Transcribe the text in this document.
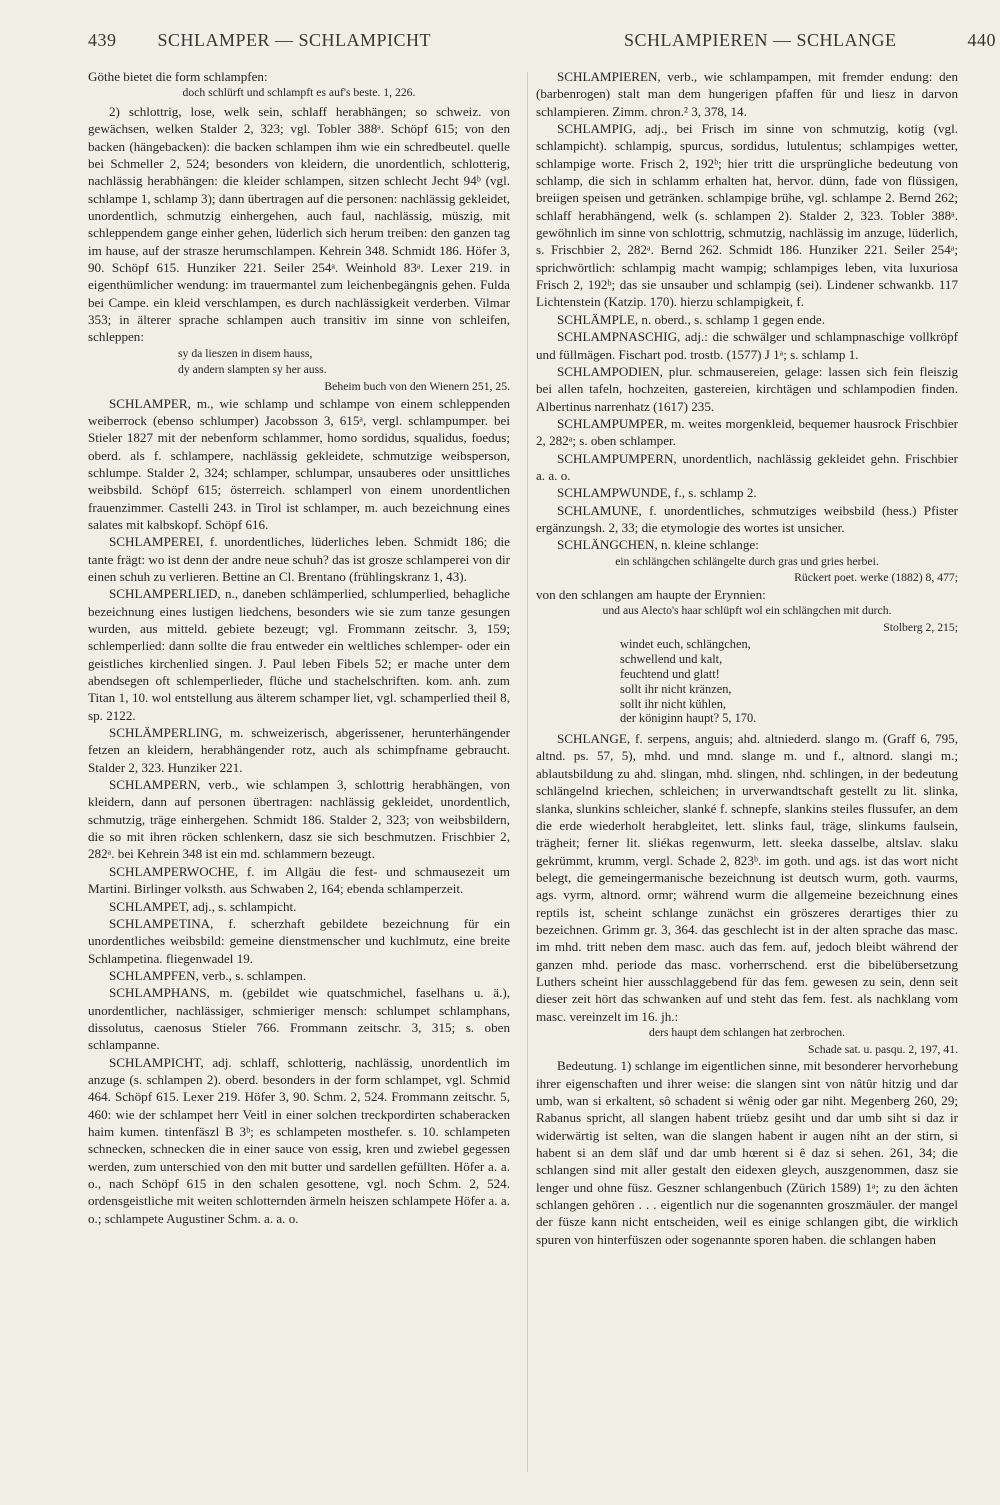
439 SCHLAMPER — SCHLAMPICHT	SCHLAMPIEREN — SCHLANGE	440

Göthe bietet die form schlampfen:

doch schlürft und schlampft es auf's beste. 1, 226.

2) schlottrig, lose, welk sein, schlaff herabhängen; so schweiz. von gewächsen, welken Stalder 2, 323; vgl. Tobler 388ᵃ. Schöpf 615; von den backen (hängebacken): die backen schlampen ihm wie ein schredbeutel. quelle bei Schmeller 2, 524; besonders von kleidern, die unordentlich, schlotterig, nachlässig herabhängen: die kleider schlampen, sitzen schlecht Jecht 94ᵇ (vgl. schlampe 1, schlamp 3); dann übertragen auf die personen: nachlässig gekleidet, unordentlich, schmutzig einhergehen, auch faul, nachlässig, müszig, mit schleppendem gange einher gehen, lüderlich sich herum treiben: den ganzen tag im hause, auf der strasze herumschlampen. Kehrein 348. Schmidt 186. Höfer 3, 90. Schöpf 615. Hunziker 221. Seiler 254ᵃ. Weinhold 83ᵃ. Lexer 219. in eigenthümlicher wendung: im trauermantel zum leichenbegängnis gehen. Fulda bei Campe. ein kleid verschlampen, es durch nachlässigkeit verderben. Vilmar 353; in älterer sprache schlampen auch transitiv im sinne von schleifen, schleppen:

sy da lieszen in disem hauss,

dy andern slampten sy her auss.

Beheim buch von den Wienern 251, 25.

SCHLAMPER, m., wie schlamp und schlampe von einem schleppenden weiberrock (ebenso schlumper) Jacobsson 3, 615ᵃ, vergl. schlampumper. bei Stieler 1827 mit der nebenform schlammer, homo sordidus, squalidus, foedus; oberd. als f. schlampere, nachlässig gekleidete, schmutzige weibsperson, schlumpe. Stalder 2, 324; schlamper, schlumpar, unsauberes oder unsittliches weibsbild. Schöpf 615; österreich. schlamperl von einem unordentlichen frauenzimmer. Castelli 243. in Tirol ist schlamper, m. auch bezeichnung eines salates mit kalbskopf. Schöpf 616.

SCHLAMPEREI, f. unordentliches, lüderliches leben. Schmidt 186; die tante frägt: wo ist denn der andre neue schuh? das ist grosze schlamperei von dir einen schuh zu verlieren. Bettine an Cl. Brentano (frühlingskranz 1, 43).

SCHLAMPERLIED, n., daneben schlämperlied, schlumperlied, behagliche bezeichnung eines lustigen liedchens, besonders wie sie zum tanze gesungen wurden, aus mitteld. gebiete bezeugt; vgl. Frommann zeitschr. 3, 159; schlemperlied: dann sollte die frau entweder ein weltliches schlemper- oder ein geistliches kirchenlied singen. J. Paul leben Fibels 52; er mache unter dem abendsegen oft schlemperlieder, flüche und stachelschriften. kom. anh. zum Titan 1, 10. wol entstellung aus älterem schamper liet, vgl. schamperlied theil 8, sp. 2122.

SCHLÄMPERLING, m. schweizerisch, abgerissener, herunterhängender fetzen an kleidern, herabhängender rotz, auch als schimpfname gebraucht. Stalder 2, 323. Hunziker 221.

SCHLAMPERN, verb., wie schlampen 3, schlottrig herabhängen, von kleidern, dann auf personen übertragen: nachlässig gekleidet, unordentlich, schmutzig, träge einhergehen. Schmidt 186. Stalder 2, 323; von weibsbildern, die so mit ihren röcken schlenkern, dasz sie sich beschmutzen. Frischbier 2, 282ᵃ. bei Kehrein 348 ist ein md. schlammern bezeugt.

SCHLAMPERWOCHE, f. im Allgäu die fest- und schmausezeit um Martini. Birlinger volksth. aus Schwaben 2, 164; ebenda schlamperzeit.

SCHLAMPET, adj., s. schlampicht.

SCHLAMPETINA, f. scherzhaft gebildete bezeichnung für ein unordentliches weibsbild: gemeine dienstmenscher und kuchlmutz, eine breite Schlampetina. fliegenwadel 19.

SCHLAMPFEN, verb., s. schlampen.

SCHLAMPHANS, m. (gebildet wie quatschmichel, faselhans u. ä.), unordentlicher, nachlässiger, schmieriger mensch: schlumpet schlamphans, dissolutus, caenosus Stieler 766. Frommann zeitschr. 3, 315; s. oben schlampanne.

SCHLAMPICHT, adj. schlaff, schlotterig, nachlässig, unordentlich im anzuge (s. schlampen 2). oberd. besonders in der form schlampet, vgl. Schmid 464. Schöpf 615. Lexer 219. Höfer 3, 90. Schm. 2, 524. Frommann zeitschr. 5, 460: wie der schlampet herr Veitl in einer solchen treckpordirten schaberacken haim kumen. tintenfäszl B 3ᵇ; es schlampeten mosthefer. s. 10. schlampeten schnecken, schnecken die in einer sauce von essig, kren und zwiebel gegessen werden, zum unterschied von den mit butter und sardellen gefüllten. Höfer a. a. o., nach Schöpf 615 in den schalen gesottene, vgl. noch Schm. 2, 524. ordensgeistliche mit weiten schlotternden ärmeln heiszen schlampete Höfer a. a. o.; schlampete Augustiner Schm. a. a. o.

SCHLAMPIEREN, verb., wie schlampampen, mit fremder endung: den (barbenrogen) stalt man dem hungerigen pfaffen für und liesz in darvon schlampieren. Zimm. chron.² 3, 378, 14.

SCHLAMPIG, adj., bei Frisch im sinne von schmutzig, kotig (vgl. schlampicht). schlampig, spurcus, sordidus, lutulentus; schlampiges wetter, schlampige worte. Frisch 2, 192ᵇ; hier tritt die ursprüngliche bedeutung von schlamp, die sich in schlamm erhalten hat, hervor. dünn, fade von flüssigen, breiigen speisen und getränken. schlampige brühe, vgl. schlampe 2. Bernd 262; schlaff herabhängend, welk (s. schlampen 2). Stalder 2, 323. Tobler 388ᵃ. gewöhnlich im sinne von schlottrig, schmutzig, nachlässig im anzuge, lüderlich, s. Frischbier 2, 282ᵃ. Bernd 262. Schmidt 186. Hunziker 221. Seiler 254ᵃ; sprichwörtlich: schlampig macht wampig; schlampiges leben, vita luxuriosa Frisch 2, 192ᵇ; das sie unsauber und schlampig (sei). Lindener schwankb. 117 Lichtenstein (Katzip. 170). hierzu schlampigkeit, f.

SCHLÄMPLE, n. oberd., s. schlamp 1 gegen ende.

SCHLAMPNASCHIG, adj.: die schwälger und schlampnaschige vollkröpf und füllmägen. Fischart pod. trostb. (1577) J 1ᵃ; s. schlamp 1.

SCHLAMPODIEN, plur. schmausereien, gelage: lassen sich fein fleiszig bei allen tafeln, hochzeiten, gastereien, kirchtägen und schlampodien finden. Albertinus narrenhatz (1617) 235.

SCHLAMPUMPER, m. weites morgenkleid, bequemer hausrock Frischbier 2, 282ᵃ; s. oben schlamper.

SCHLAMPUMPERN, unordentlich, nachlässig gekleidet gehn. Frischbier a. a. o.

SCHLAMPWUNDE, f., s. schlamp 2.

SCHLAMUNE, f. unordentliches, schmutziges weibsbild (hess.) Pfister ergänzungsh. 2, 33; die etymologie des wortes ist unsicher.

SCHLÄNGCHEN, n. kleine schlange:

ein schlängchen schlängelte durch gras und gries herbei.

Rückert poet. werke (1882) 8, 477;

von den schlangen am haupte der Erynnien:

und aus Alecto's haar schlüpft wol ein schlängchen mit durch.

Stolberg 2, 215;

windet euch, schlängchen,
schwellend und kalt,
feuchtend und glatt!
sollt ihr nicht kränzen,
sollt ihr nicht kühlen,
der königinn haupt? 5, 170.

SCHLANGE, f. serpens, anguis; ahd. altniederd. slango m. (Graff 6, 795, altnd. ps. 57, 5), mhd. und mnd. slange m. und f., altnord. slangi m.; ablautsbildung zu ahd. slingan, mhd. slingen, nhd. schlingen, in der bedeutung schlängelnd kriechen, schleichen; in urverwandtschaft gestellt zu lit. slinka, slanka, slunkins schleicher, slanké f. schnepfe, slankins steiles flussufer, an dem die erde wiederholt herabgleitet, lett. slinks faul, träge, slinkums faulsein, trägheit; ferner lit. sliékas regenwurm, lett. sleeka dasselbe, altslav. slaku gekrümmt, krumm, vergl. Schade 2, 823ᵇ. im goth. und ags. ist das wort nicht belegt, die gemeingermanische bezeichnung ist deutsch wurm, goth. vaurms, ags. vyrm, altnord. ormr; während wurm die allgemeine bezeichnung eines reptils ist, scheint schlange zunächst ein gröszeres derartiges thier zu bezeichnen. Grimm gr. 3, 364. das geschlecht ist in der alten sprache das masc. im mhd. tritt neben dem masc. auch das fem. auf, jedoch bleibt während der ganzen mhd. periode das masc. vorherrschend. erst die bibelübersetzung Luthers scheint hier ausschlaggebend für das fem. gewesen zu sein, denn seit dieser zeit hört das schwanken auf und steht das fem. fest. als nachklang vom masc. vereinzelt im 16. jh.:

ders haupt dem schlangen hat zerbrochen.

Schade sat. u. pasqu. 2, 197, 41.

Bedeutung. 1) schlange im eigentlichen sinne, mit besonderer hervorhebung ihrer eigenschaften und ihrer weise: die slangen sint von nâtûr hitzig und dar umb, wan si erkaltent, sô schadent si wênig oder gar niht. Megenberg 260, 29; Rabanus spricht, all slangen habent trüebz gesiht und dar umb siht si daz ir widerwärtig ist selten, wan die slangen habent ir augen niht an der stirn, si habent si an dem slâf und dar umb hœrent si ê daz si sehen. 261, 34; die schlangen sind mit aller gestalt den eidexen gleych, auszgenommen, dasz sie lenger und ohne füsz. Geszner schlangenbuch (Zürich 1589) 1ᵃ; zu den ächten schlangen gehören . . . eigentlich nur die sogenannten groszmäuler. der mangel der füsze kann nicht entscheiden, weil es einige schlangen gibt, die wirklich spuren von hinterfüszen oder sogenannte sporen haben. die schlangen haben
